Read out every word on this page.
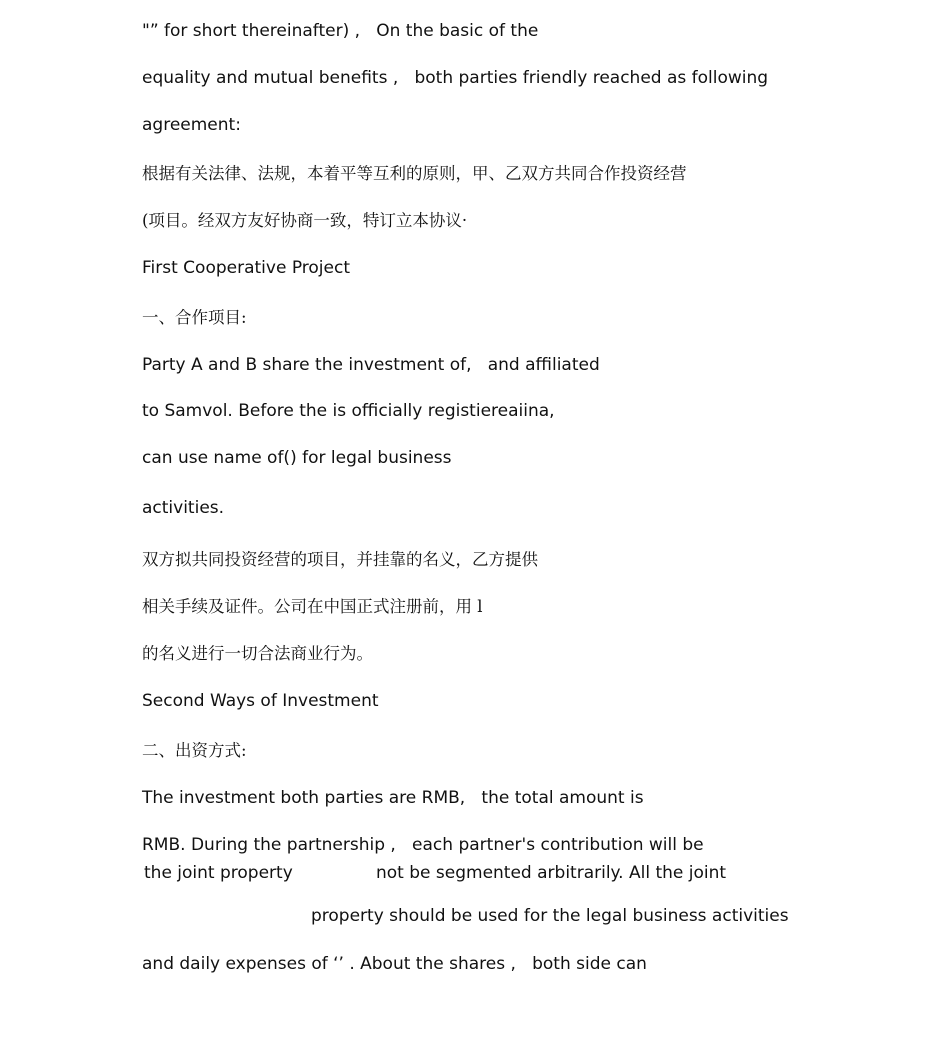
"” for short thereinafter) ,   On the basic of the
equality and mutual benefits ,   both parties friendly reached as following
agreement:
根据有关法律、法规，本着平等互利的原则，甲、乙双方共同合作投资经营
(项目。经双方友好协商一致，特订立本协议·
First Cooperative Project
一、合作项目:
Party A and B share the investment of,   and affiliated
to Samvol. Before the is officially registiereaiina,
can use name of() for legal business
activities.
双方拟共同投资经营的项目，并挂靠的名义，乙方提供
相关手续及证件。公司在中国正式注册前，用 l
的名义进行一切合法商业行为。
Second Ways of Investment
二、出资方式:
The investment both parties are RMB,   the total amount is
RMB. During the partnership ,   each partner's contribution will be
the joint property	not be segmented arbitrarily. All the joint
property should be used for the legal business activities
and daily expenses of ‘’ . About the shares ,   both side can
